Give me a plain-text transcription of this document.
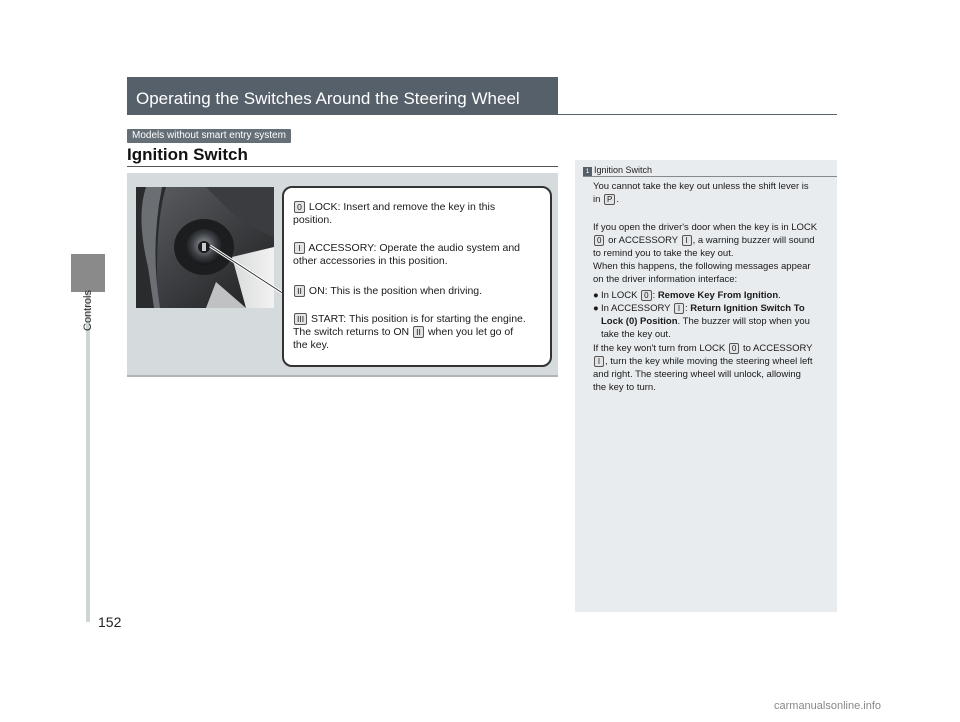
Controls
152
Operating the Switches Around the Steering Wheel
Models without smart entry system
Ignition Switch
0 LOCK: Insert and remove the key in this
position.
I ACCESSORY: Operate the audio system and
other accessories in this position.
II ON: This is the position when driving.
III START: This position is for starting the engine.
The switch returns to ON II when you let go of
the key.
1 Ignition Switch
You cannot take the key out unless the shift lever is
in P .
If you open the driver's door when the key is in LOCK
0 or ACCESSORY I , a warning buzzer will sound
to remind you to take the key out.
When this happens, the following messages appear
on the driver information interface:
● In LOCK 0 : Remove Key From Ignition.
● In ACCESSORY I : Return Ignition Switch To
Lock (0) Position. The buzzer will stop when you
take the key out.
If the key won't turn from LOCK 0 to ACCESSORY
I , turn the key while moving the steering wheel left
and right. The steering wheel will unlock, allowing
the key to turn.
carmanualsonline.info
